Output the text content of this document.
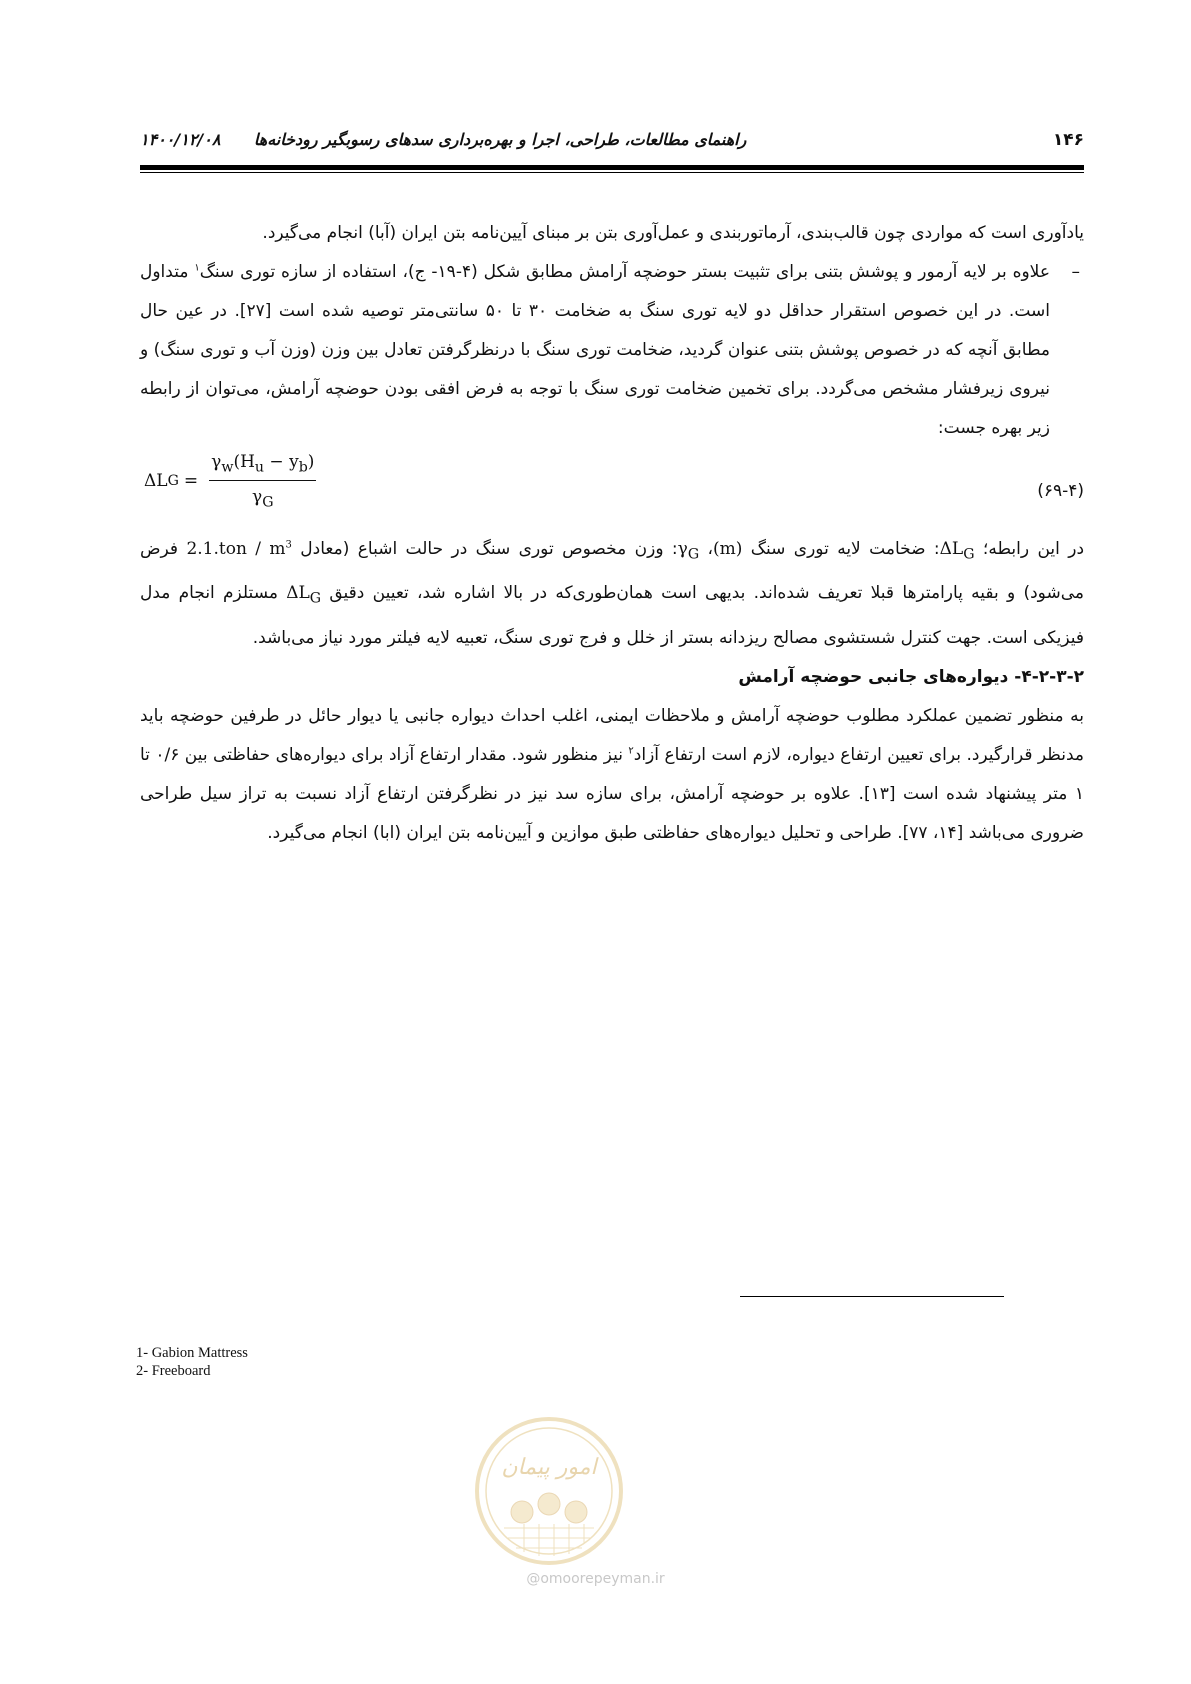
۱۴۶
راهنمای مطالعات، طراحی، اجرا و بهره‌برداری سدهای رسوبگیر رودخانه‌ها      ۱۴۰۰/۱۲/۰۸

یادآوری است که مواردی چون قالب‌بندی، آرماتوربندی و عمل‌آوری بتن بر مبنای آیین‌نامه بتن ایران (آبا) انجام می‌گیرد.

–
علاوه بر لایه آرمور و پوشش بتنی برای تثبیت بستر حوضچه آرامش مطابق شکل (۴-۱۹- ج)، استفاده از سازه توری سنگ$^۱$ متداول است. در این خصوص استقرار حداقل دو لایه توری سنگ به ضخامت ۳۰ تا ۵۰ سانتی‌متر توصیه شده است [۲۷]. در عین حال مطابق آنچه که در خصوص پوشش بتنی عنوان گردید، ضخامت توری سنگ با درنظرگرفتن تعادل بین وزن (وزن آب و توری سنگ) و نیروی زیرفشار مشخص می‌گردد. برای تخمین ضخامت توری سنگ با توجه به فرض افقی بودن حوضچه آرامش، می‌توان از رابطه زیر بهره جست:

(۶۹-۴)
ΔL $G = \frac{\gamma_w(H_u - y_b)}{\gamma_G}$

در این رابطه؛ $\Delta L_G$: ضخامت لایه توری سنگ (m)، $\gamma_G$: وزن مخصوص توری سنگ در حالت اشباع (معادل $2.1.ton / m^3$ فرض می‌شود) و بقیه پارامترها قبلا تعریف شده‌اند. بدیهی است همان‌طوری‌که در بالا اشاره شد، تعیین دقیق $\Delta L_G$ مستلزم انجام مدل فیزیکی است. جهت کنترل شستشوی مصالح ریزدانه بستر از خلل و فرج توری سنگ، تعبیه لایه فیلتر مورد نیاز می‌باشد.

۴-۲-۳-۲- دیواره‌های جانبی حوضچه آرامش

به منظور تضمین عملکرد مطلوب حوضچه آرامش و ملاحظات ایمنی، اغلب احداث دیواره جانبی یا دیوار حائل در طرفین حوضچه باید مدنظر قرارگیرد. برای تعیین ارتفاع دیواره، لازم است ارتفاع آزاد$^۲$ نیز منظور شود. مقدار ارتفاع آزاد برای دیواره‌های حفاظتی بین ۰/۶ تا ۱ متر پیشنهاد شده است [۱۳]. علاوه بر حوضچه آرامش، برای سازه سد نیز در نظرگرفتن ارتفاع آزاد نسبت به تراز سیل طراحی ضروری می‌باشد [۱۴، ۷۷]. طراحی و تحلیل دیواره‌های حفاظتی طبق موازین و آیین‌نامه بتن ایران (ابا) انجام می‌گیرد.

1- Gabion Mattress
2- Freeboard
امور پیمان
@omoorepeyman.ir
